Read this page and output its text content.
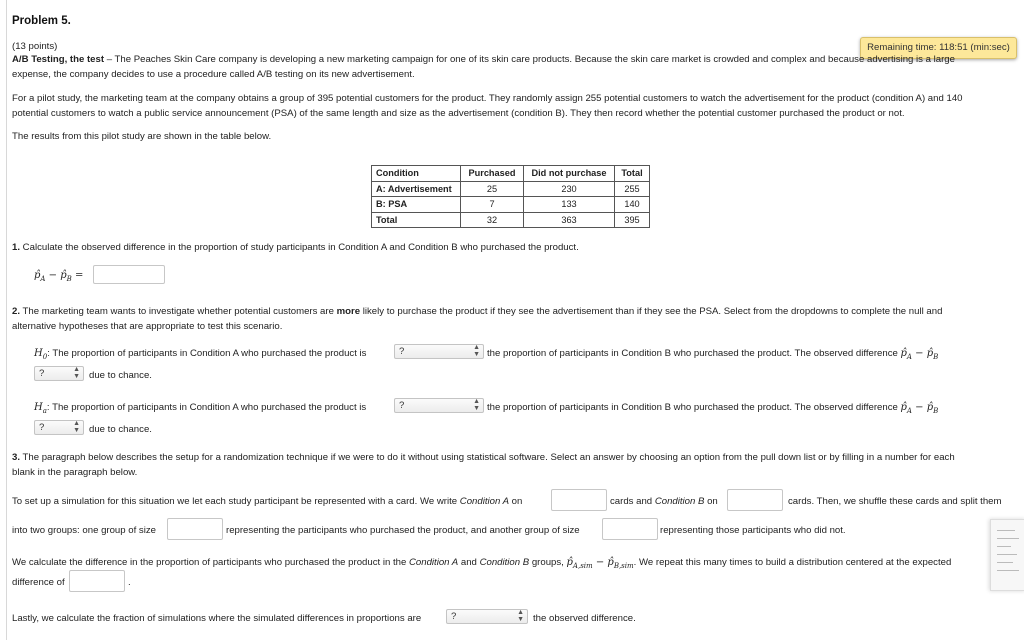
Problem 5.
(13 points)	Remaining time: 118:51 (min:sec)
A/B Testing, the test – The Peaches Skin Care company is developing a new marketing campaign for one of its skin care products. Because the skin care market is crowded and complex and because advertising is a large
expense, the company decides to use a procedure called A/B testing on its new advertisement.
For a pilot study, the marketing team at the company obtains a group of 395 potential customers for the product. They randomly assign 255 potential customers to watch the advertisement for the product (condition A) and 140
potential customers to watch a public service announcement (PSA) of the same length and size as the advertisement (condition B). They then record whether the potential customer purchased the product or not.
The results from this pilot study are shown in the table below.
Condition	Purchased	Did not purchase	Total
A: Advertisement	25	230	255
B: PSA	7	133	140
Total	32	363	395
1. Calculate the observed difference in the proportion of study participants in Condition A and Condition B who purchased the product.
$p̂_A$ − $p̂_B$ =
2. The marketing team wants to investigate whether potential customers are more likely to purchase the product if they see the advertisement than if they see the PSA. Select from the dropdowns to complete the null and
alternative hypotheses that are appropriate to test this scenario.
$H_0$: The proportion of participants in Condition A who purchased the product is	?	▲
▼ the proportion of participants in Condition B who purchased the product. The observed difference $p̂_A$ − $p̂_B$
?	▲
▼ due to chance.
$H_a$: The proportion of participants in Condition A who purchased the product is	?	▲
▼ the proportion of participants in Condition B who purchased the product. The observed difference $p̂_A$ − $p̂_B$
?	▲
▼ due to chance.
3. The paragraph below describes the setup for a randomization technique if we were to do it without using statistical software. Select an answer by choosing an option from the pull down list or by filling in a number for each
blank in the paragraph below.
To set up a simulation for this situation we let each study participant be represented with a card. We write Condition A on	cards and Condition B on	cards. Then, we shuffle these cards and split them
into two groups: one group of size	representing the participants who purchased the product, and another group of size	representing those participants who did not.
We calculate the difference in the proportion of participants who purchased the product in the Condition A and Condition B groups, $p̂_{A,sim}$ − $p̂_{B,sim}$. We repeat this many times to build a distribution centered at the expected
difference of	.
Lastly, we calculate the fraction of simulations where the simulated differences in proportions are	?	▲
▼ the observed difference.
